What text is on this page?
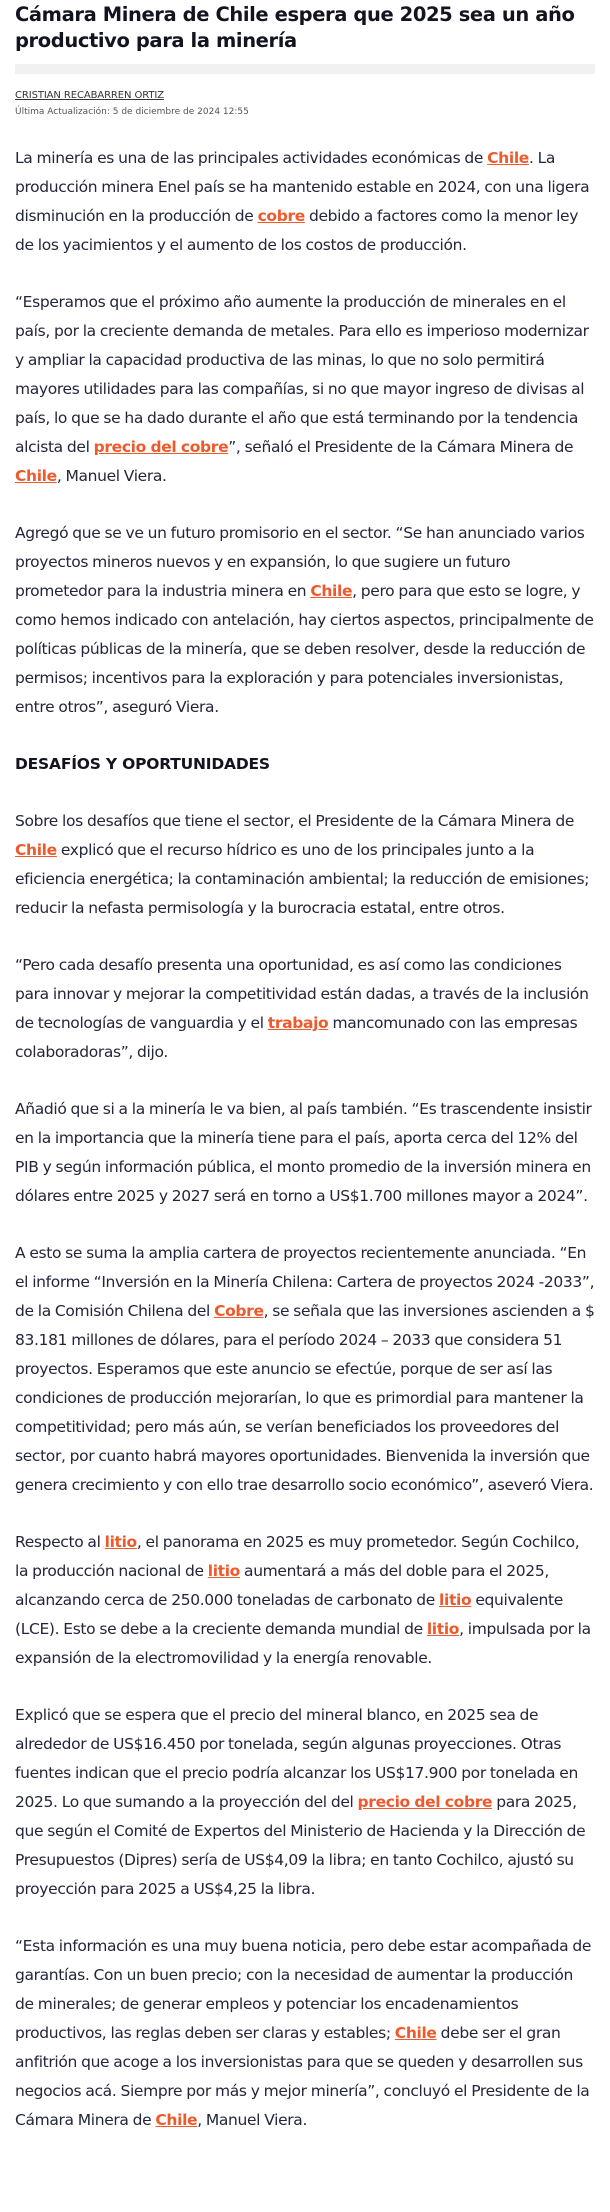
Cámara Minera de Chile espera que 2025 sea un año productivo para la minería
CRISTIAN RECABARREN ORTIZ
Última Actualización: 5 de diciembre de 2024 12:55

La minería es una de las principales actividades económicas de Chile. La producción minera Enel país se ha mantenido estable en 2024, con una ligera disminución en la producción de cobre debido a factores como la menor ley de los yacimientos y el aumento de los costos de producción.

“Esperamos que el próximo año aumente la producción de minerales en el país, por la creciente demanda de metales. Para ello es imperioso modernizar y ampliar la capacidad productiva de las minas, lo que no solo permitirá mayores utilidades para las compañías, si no que mayor ingreso de divisas al país, lo que se ha dado durante el año que está terminando por la tendencia alcista del precio del cobre”, señaló el Presidente de la Cámara Minera de Chile, Manuel Viera.

Agregó que se ve un futuro promisorio en el sector. “Se han anunciado varios proyectos mineros nuevos y en expansión, lo que sugiere un futuro prometedor para la industria minera en Chile, pero para que esto se logre, y como hemos indicado con antelación, hay ciertos aspectos, principalmente de políticas públicas de la minería, que se deben resolver, desde la reducción de permisos; incentivos para la exploración y para potenciales inversionistas, entre otros”, aseguró Viera.

DESAFÍOS Y OPORTUNIDADES

Sobre los desafíos que tiene el sector, el Presidente de la Cámara Minera de Chile explicó que el recurso hídrico es uno de los principales junto a la eficiencia energética; la contaminación ambiental; la reducción de emisiones; reducir la nefasta permisología y la burocracia estatal, entre otros.

“Pero cada desafío presenta una oportunidad, es así como las condiciones para innovar y mejorar la competitividad están dadas, a través de la inclusión de tecnologías de vanguardia y el trabajo mancomunado con las empresas colaboradoras”, dijo.

Añadió que si a la minería le va bien, al país también. “Es trascendente insistir en la importancia que la minería tiene para el país, aporta cerca del 12% del PIB y según información pública, el monto promedio de la inversión minera en dólares entre 2025 y 2027 será en torno a US$1.700 millones mayor a 2024”.

A esto se suma la amplia cartera de proyectos recientemente anunciada. “En el informe “Inversión en la Minería Chilena: Cartera de proyectos 2024 -2033”, de la Comisión Chilena del Cobre, se señala que las inversiones ascienden a $ 83.181 millones de dólares, para el período 2024 – 2033 que considera 51 proyectos. Esperamos que este anuncio se efectúe, porque de ser así las condiciones de producción mejorarían, lo que es primordial para mantener la competitividad; pero más aún, se verían beneficiados los proveedores del sector, por cuanto habrá mayores oportunidades. Bienvenida la inversión que genera crecimiento y con ello trae desarrollo socio económico”, aseveró Viera.

Respecto al litio, el panorama en 2025 es muy prometedor. Según Cochilco, la producción nacional de litio aumentará a más del doble para el 2025, alcanzando cerca de 250.000 toneladas de carbonato de litio equivalente (LCE). Esto se debe a la creciente demanda mundial de litio, impulsada por la expansión de la electromovilidad y la energía renovable.

Explicó que se espera que el precio del mineral blanco, en 2025 sea de alrededor de US$16.450 por tonelada, según algunas proyecciones. Otras fuentes indican que el precio podría alcanzar los US$17.900 por tonelada en 2025. Lo que sumando a la proyección del del precio del cobre para 2025, que según el Comité de Expertos del Ministerio de Hacienda y la Dirección de Presupuestos (Dipres) sería de US$4,09 la libra; en tanto Cochilco, ajustó su proyección para 2025 a US$4,25 la libra.

“Esta información es una muy buena noticia, pero debe estar acompañada de garantías. Con un buen precio; con la necesidad de aumentar la producción de minerales; de generar empleos y potenciar los encadenamientos productivos, las reglas deben ser claras y estables; Chile debe ser el gran anfitrión que acoge a los inversionistas para que se queden y desarrollen sus negocios acá. Siempre por más y mejor minería”, concluyó el Presidente de la Cámara Minera de Chile, Manuel Viera.
